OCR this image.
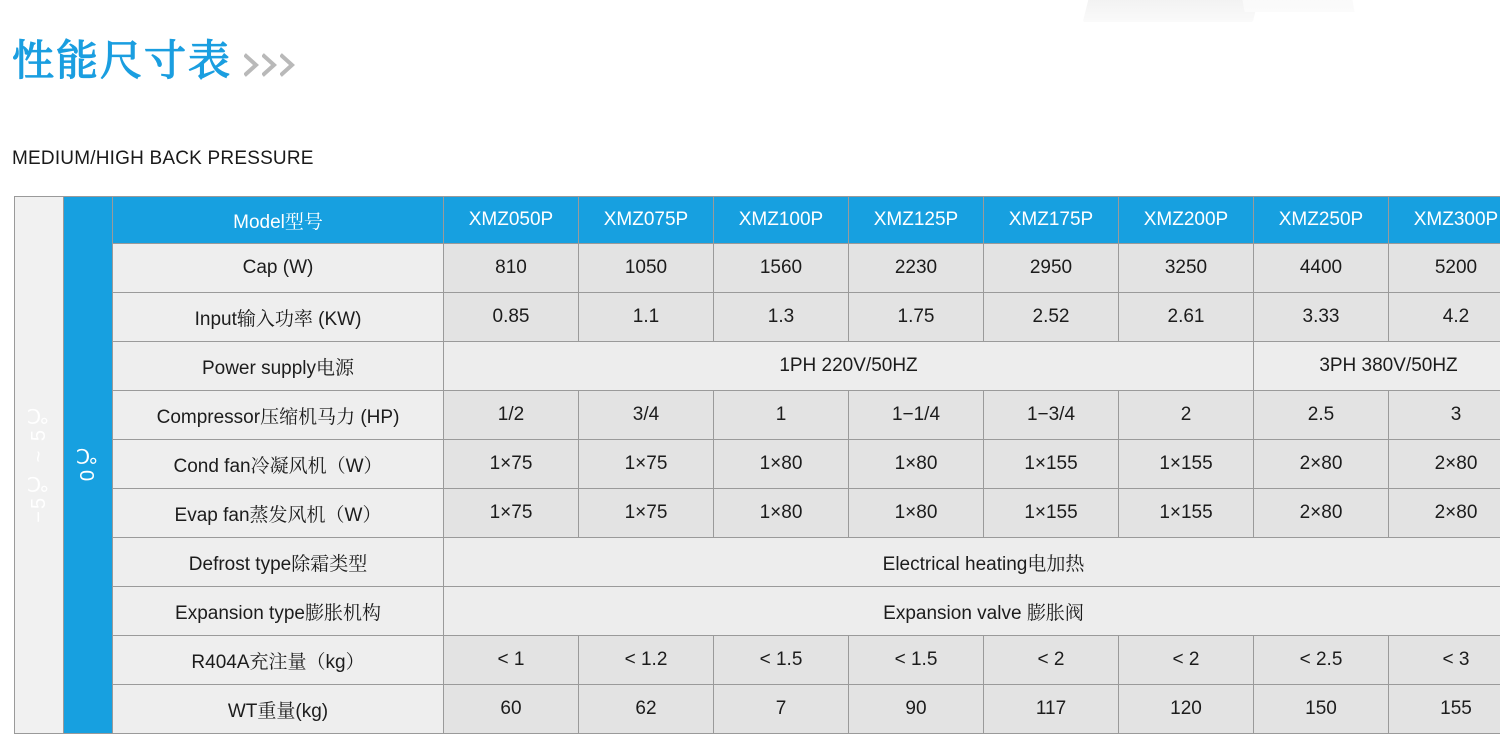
性能尺寸表
MEDIUM/HIGH BACK PRESSURE
−5℃ ~ 5℃	0℃	Model型号	XMZ050P	XMZ075P	XMZ100P	XMZ125P	XMZ175P	XMZ200P	XMZ250P	XMZ300P
		Cap (W)	810	1050	1560	2230	2950	3250	4400	5200
		Input输入功率 (KW)	0.85	1.1	1.3	1.75	2.52	2.61	3.33	4.2
		Power supply电源	1PH 220V/50HZ						3PH 380V/50HZ	
		Compressor压缩机马力 (HP)	1/2	3/4	1	1−1/4	1−3/4	2	2.5	3
		Cond fan冷凝风机（W）	1×75	1×75	1×80	1×80	1×155	1×155	2×80	2×80
		Evap fan蒸发风机（W）	1×75	1×75	1×80	1×80	1×155	1×155	2×80	2×80
		Defrost type除霜类型	Electrical heating电加热							
		Expansion type膨胀机构	Expansion valve 膨胀阀							
		R404A充注量（kg）	< 1	< 1.2	< 1.5	< 1.5	< 2	< 2	< 2.5	< 3
		WT重量(kg)	60	62	7	90	117	120	150	155
